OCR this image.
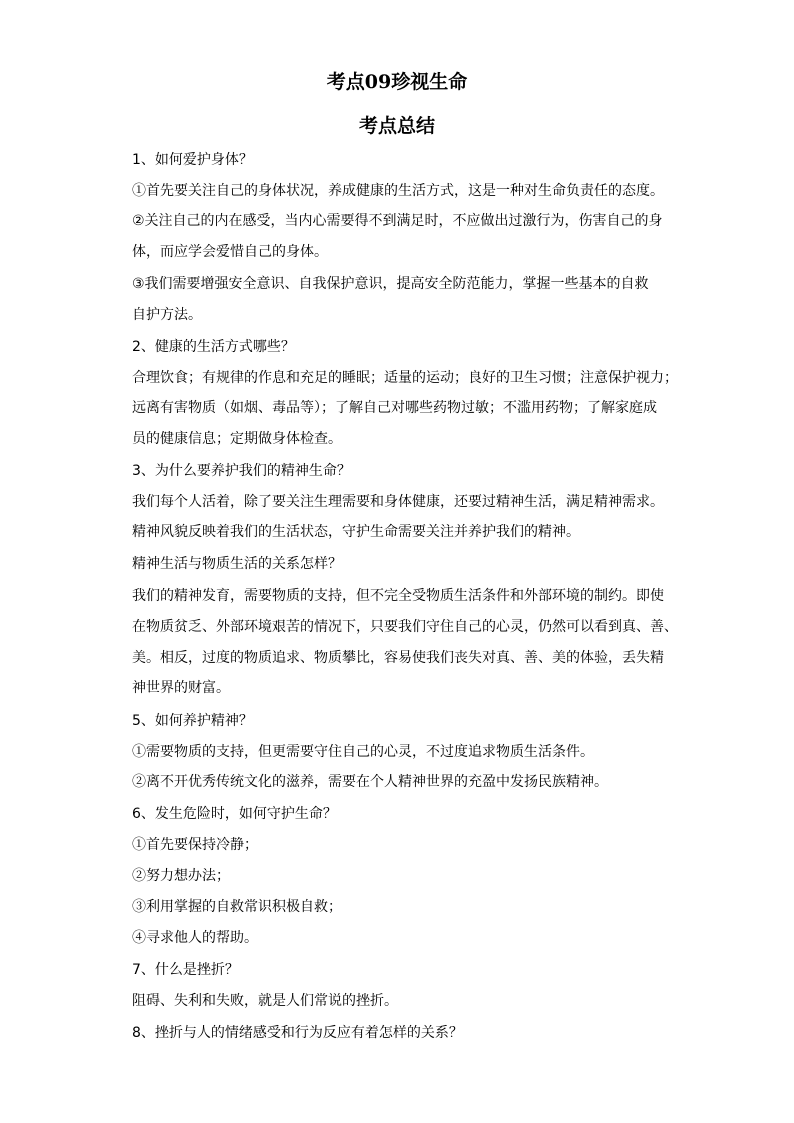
考点09珍视生命
考点总结
1、如何爱护身体？
①首先要关注自己的身体状况，养成健康的生活方式，这是一种对生命负责任的态度。
②关注自己的内在感受，当内心需要得不到满足时，不应做出过激行为，伤害自己的身
体，而应学会爱惜自己的身体。
③我们需要增强安全意识、自我保护意识，提高安全防范能力，掌握一些基本的自救
自护方法。
2、健康的生活方式哪些？
合理饮食；有规律的作息和充足的睡眠；适量的运动；良好的卫生习惯；注意保护视力；
远离有害物质（如烟、毒品等）；了解自己对哪些药物过敏；不滥用药物；了解家庭成
员的健康信息；定期做身体检查。
3、为什么要养护我们的精神生命？
我们每个人活着，除了要关注生理需要和身体健康，还要过精神生活，满足精神需求。
精神风貌反映着我们的生活状态，守护生命需要关注并养护我们的精神。
精神生活与物质生活的关系怎样？
我们的精神发育，需要物质的支持，但不完全受物质生活条件和外部环境的制约。即使
在物质贫乏、外部环境艰苦的情况下，只要我们守住自己的心灵，仍然可以看到真、善、
美。相反，过度的物质追求、物质攀比，容易使我们丧失对真、善、美的体验，丢失精
神世界的财富。
5、如何养护精神？
①需要物质的支持，但更需要守住自己的心灵，不过度追求物质生活条件。
②离不开优秀传统文化的滋养，需要在个人精神世界的充盈中发扬民族精神。
6、发生危险时，如何守护生命？
①首先要保持冷静；
②努力想办法；
③利用掌握的自救常识积极自救；
④寻求他人的帮助。
7、什么是挫折？
阻碍、失利和失败，就是人们常说的挫折。
8、挫折与人的情绪感受和行为反应有着怎样的关系？
